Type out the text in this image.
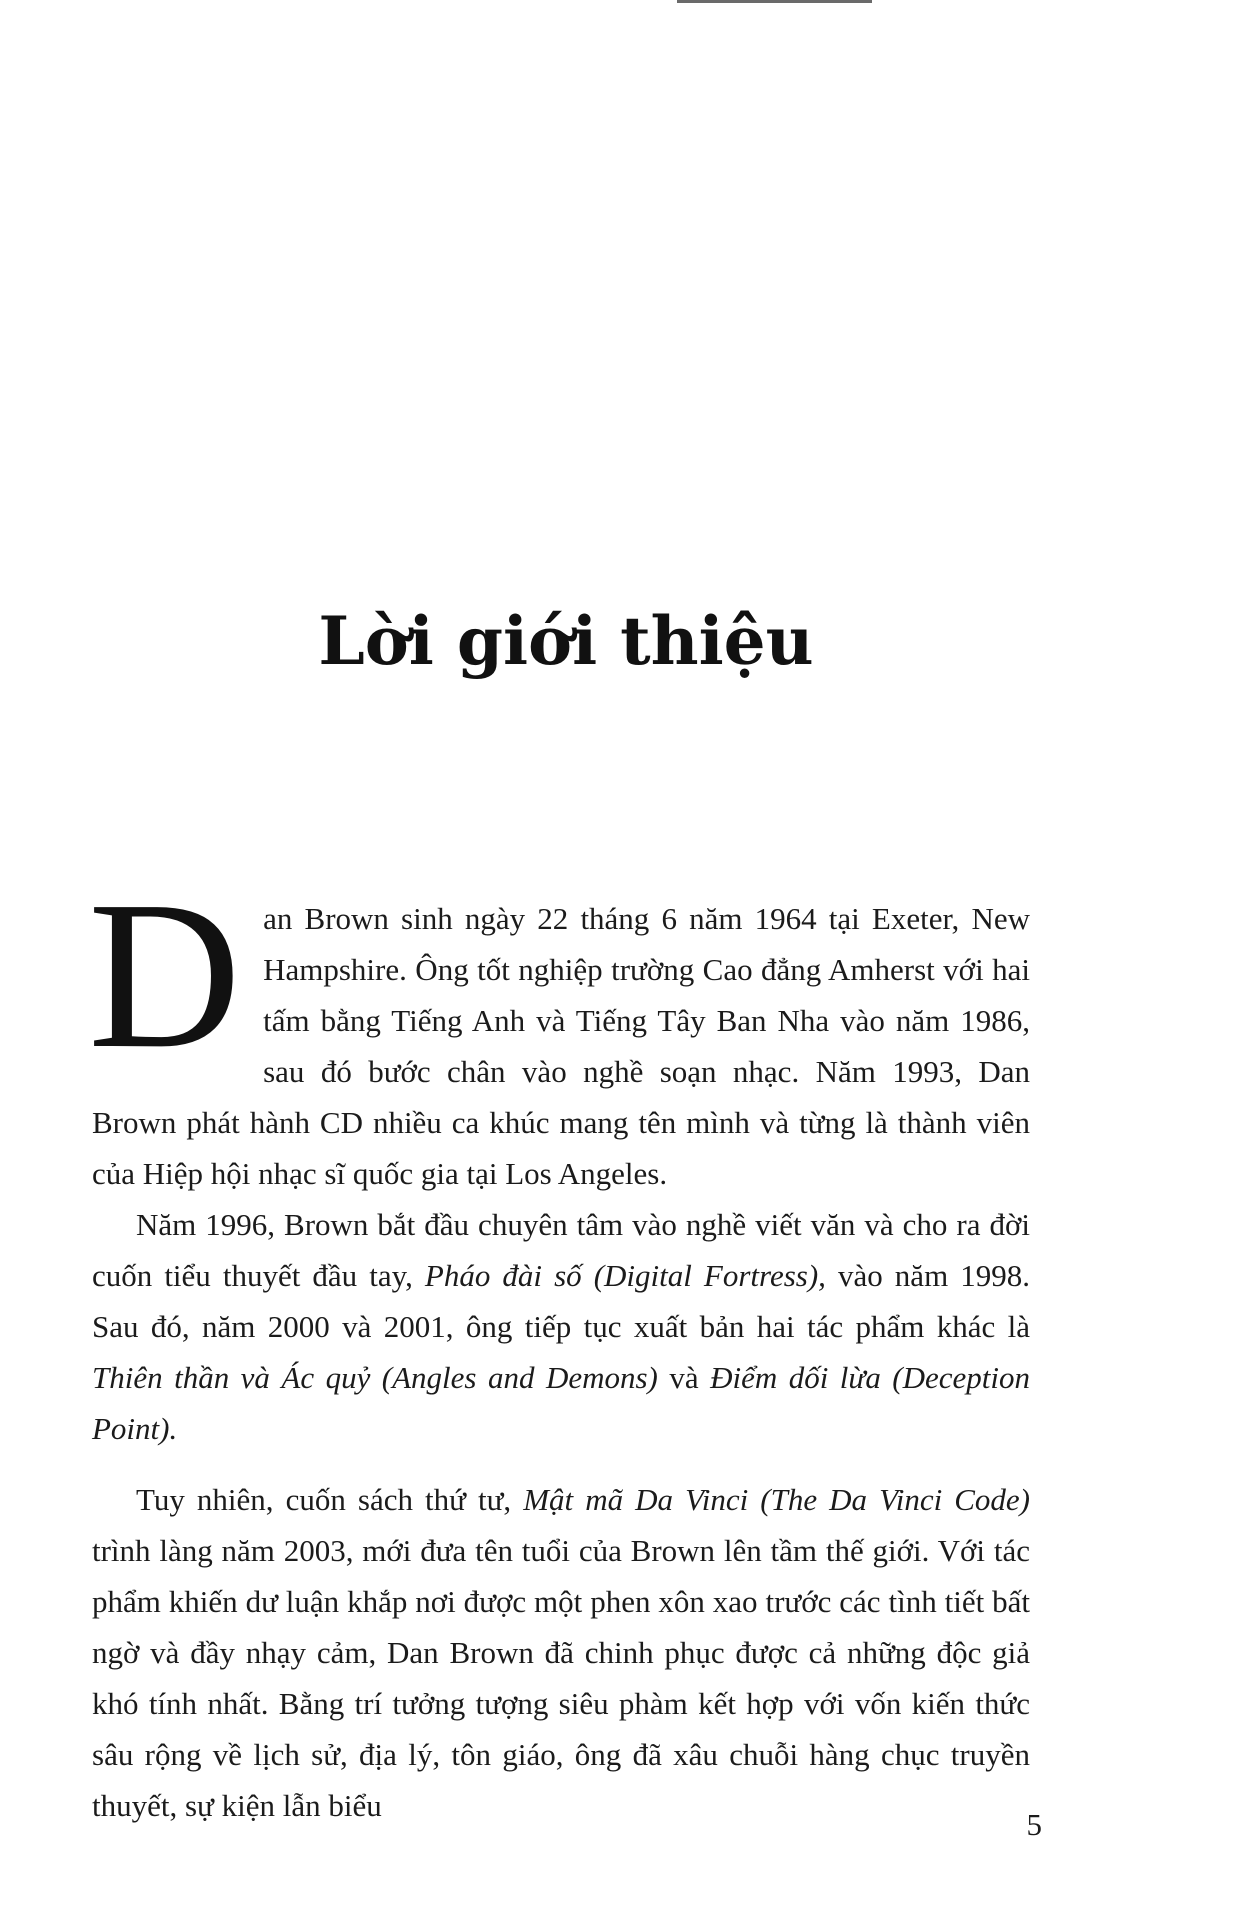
Lời giới thiệu

Dan Brown sinh ngày 22 tháng 6 năm 1964 tại Exeter, New Hampshire. Ông tốt nghiệp trường Cao đẳng Amherst với hai tấm bằng Tiếng Anh và Tiếng Tây Ban Nha vào năm 1986, sau đó bước chân vào nghề soạn nhạc. Năm 1993, Dan Brown phát hành CD nhiều ca khúc mang tên mình và từng là thành viên của Hiệp hội nhạc sĩ quốc gia tại Los Angeles.

Năm 1996, Brown bắt đầu chuyên tâm vào nghề viết văn và cho ra đời cuốn tiểu thuyết đầu tay, Pháo đài số (Digital Fortress), vào năm 1998. Sau đó, năm 2000 và 2001, ông tiếp tục xuất bản hai tác phẩm khác là Thiên thần và Ác quỷ (Angles and Demons) và Điểm dối lừa (Deception Point).

Tuy nhiên, cuốn sách thứ tư, Mật mã Da Vinci (The Da Vinci Code) trình làng năm 2003, mới đưa tên tuổi của Brown lên tầm thế giới. Với tác phẩm khiến dư luận khắp nơi được một phen xôn xao trước các tình tiết bất ngờ và đầy nhạy cảm, Dan Brown đã chinh phục được cả những độc giả khó tính nhất. Bằng trí tưởng tượng siêu phàm kết hợp với vốn kiến thức sâu rộng về lịch sử, địa lý, tôn giáo, ông đã xâu chuỗi hàng chục truyền thuyết, sự kiện lẫn biểu

5
